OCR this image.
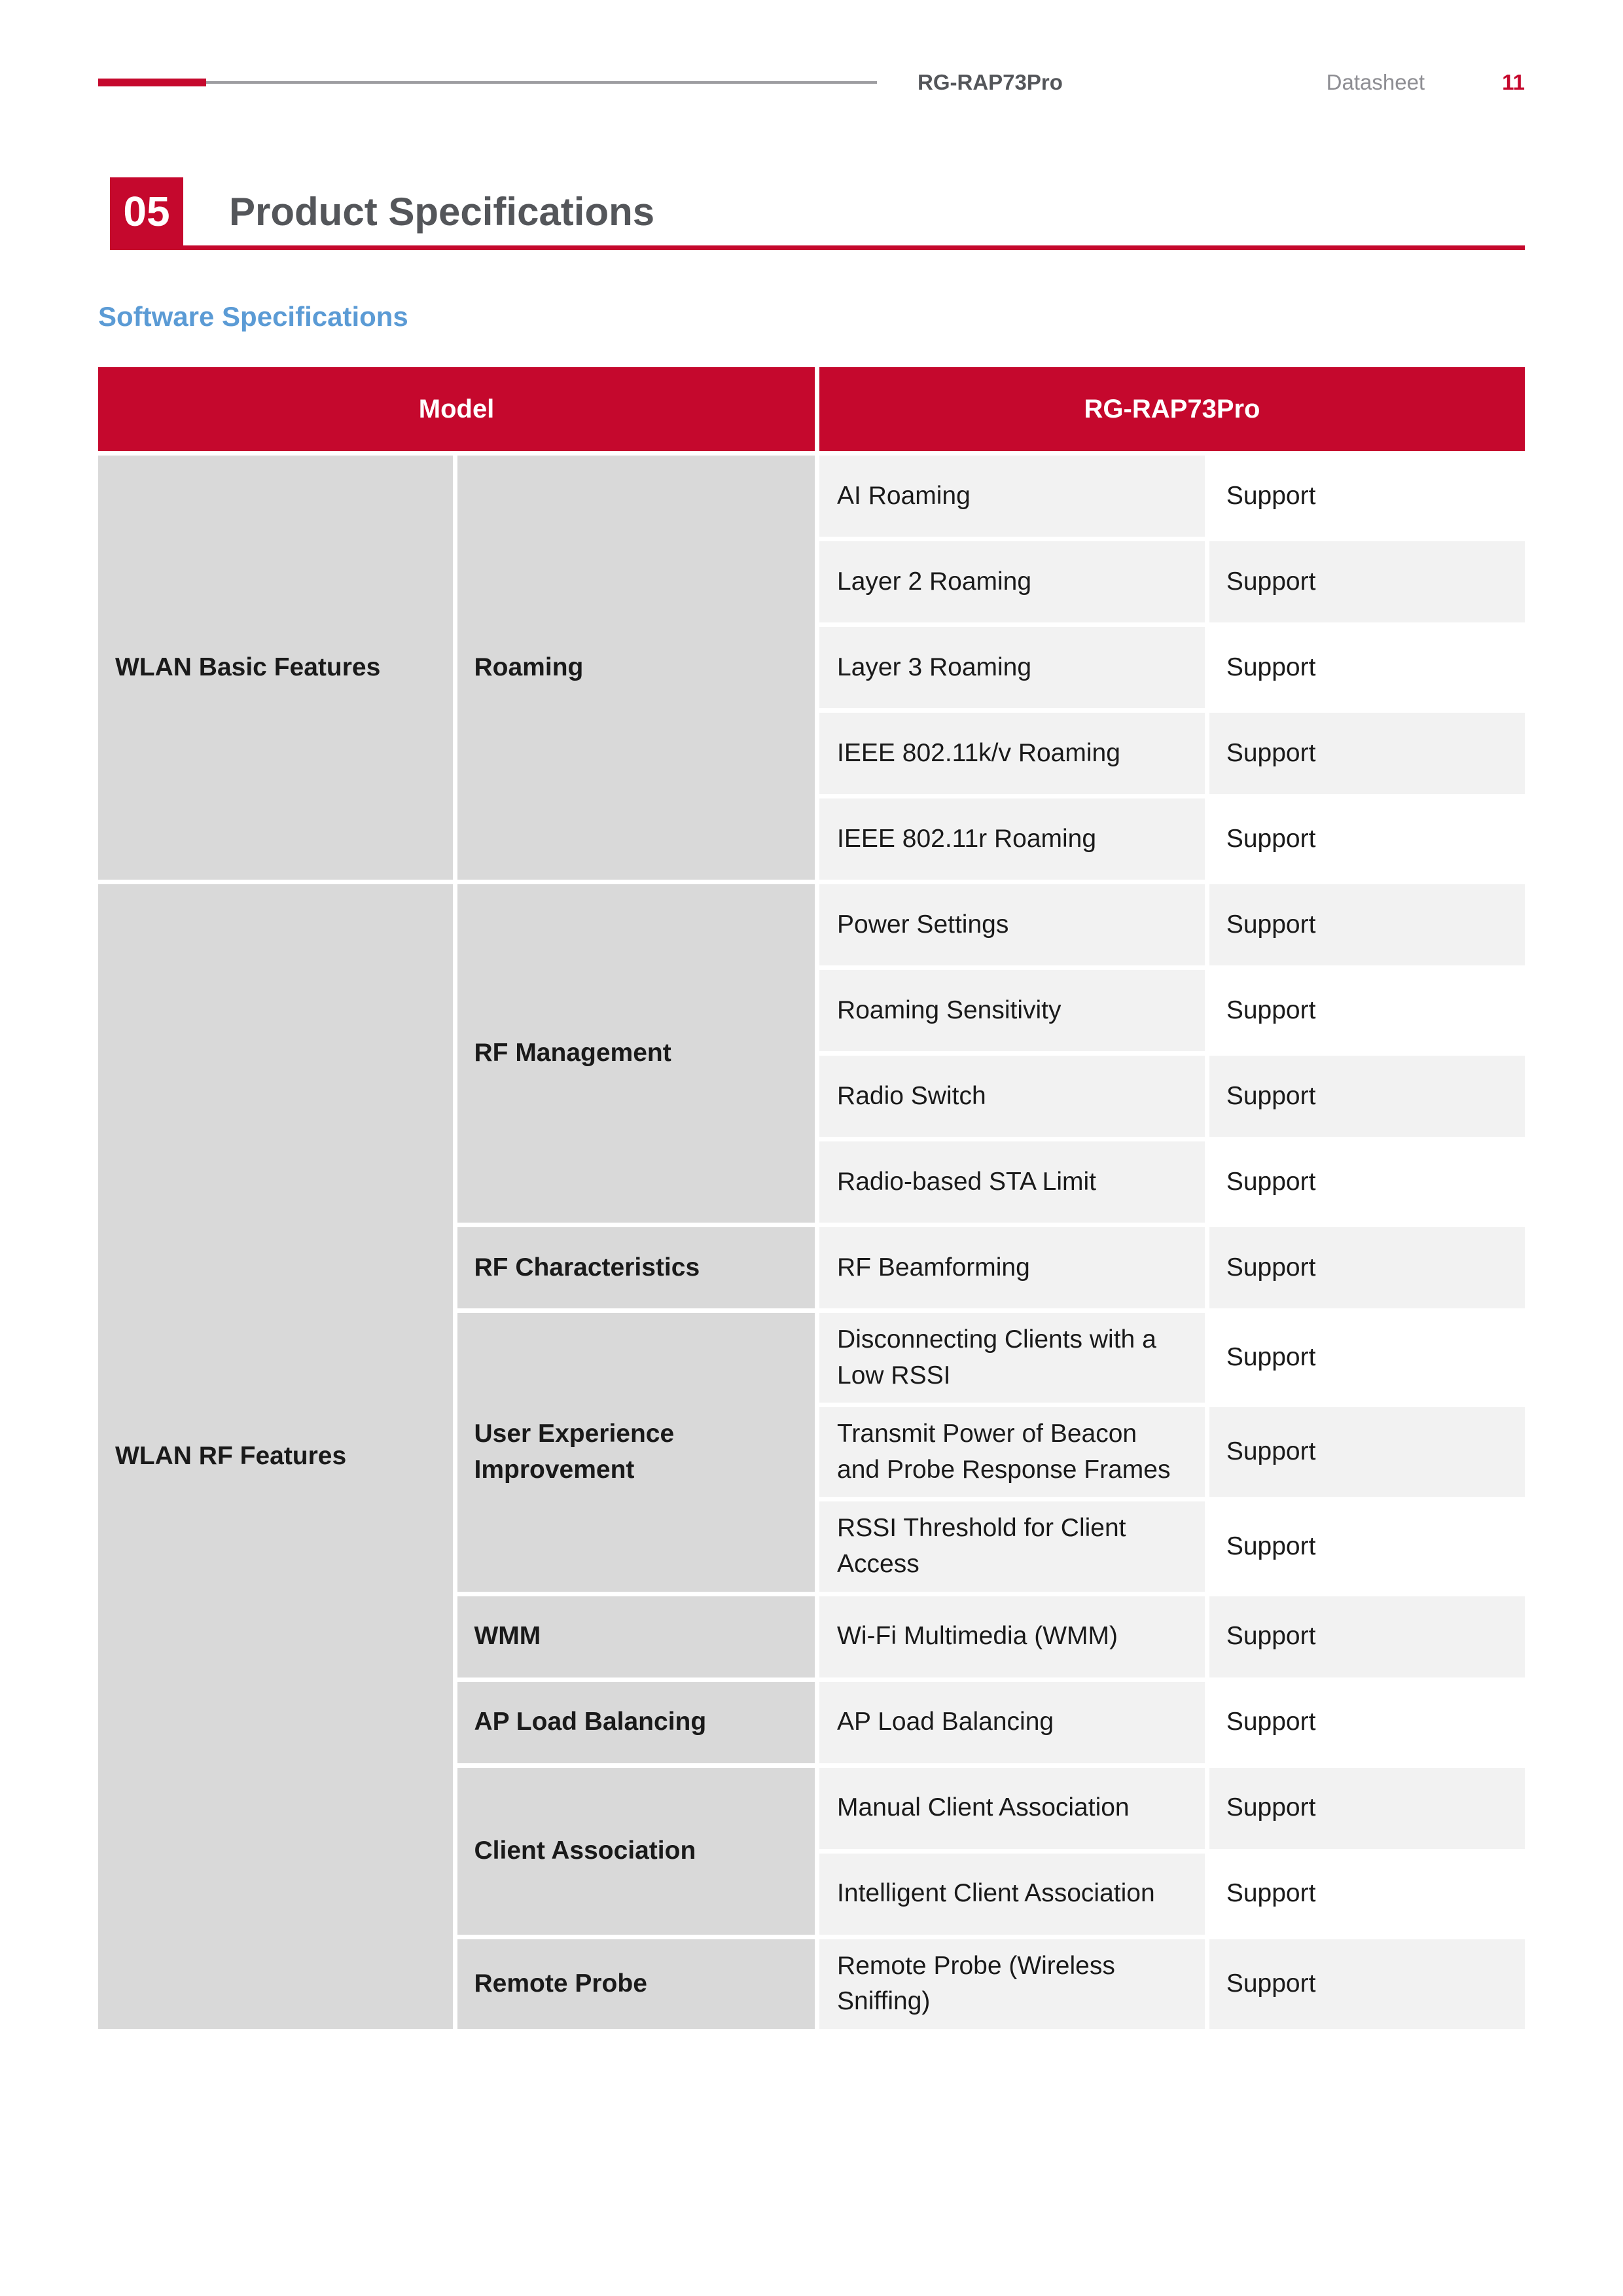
RG-RAP73Pro	Datasheet	11
05	Product Specifications
Software Specifications
Model		RG-RAP73Pro	
WLAN Basic Features	Roaming	AI Roaming	Support
		Layer 2 Roaming	Support
		Layer 3 Roaming	Support
		IEEE 802.11k/v Roaming	Support
		IEEE 802.11r Roaming	Support
WLAN RF Features	RF Management	Power Settings	Support
		Roaming Sensitivity	Support
		Radio Switch	Support
		Radio-based STA Limit	Support
	RF Characteristics	RF Beamforming	Support
	User Experience Improvement	Disconnecting Clients with a Low RSSI	Support
		Transmit Power of Beacon and Probe Response Frames	Support
		RSSI Threshold for Client Access	Support
	WMM	Wi-Fi Multimedia (WMM)	Support
	AP Load Balancing	AP Load Balancing	Support
	Client Association	Manual Client Association	Support
		Intelligent Client Association	Support
	Remote Probe	Remote Probe (Wireless Sniffing)	Support
